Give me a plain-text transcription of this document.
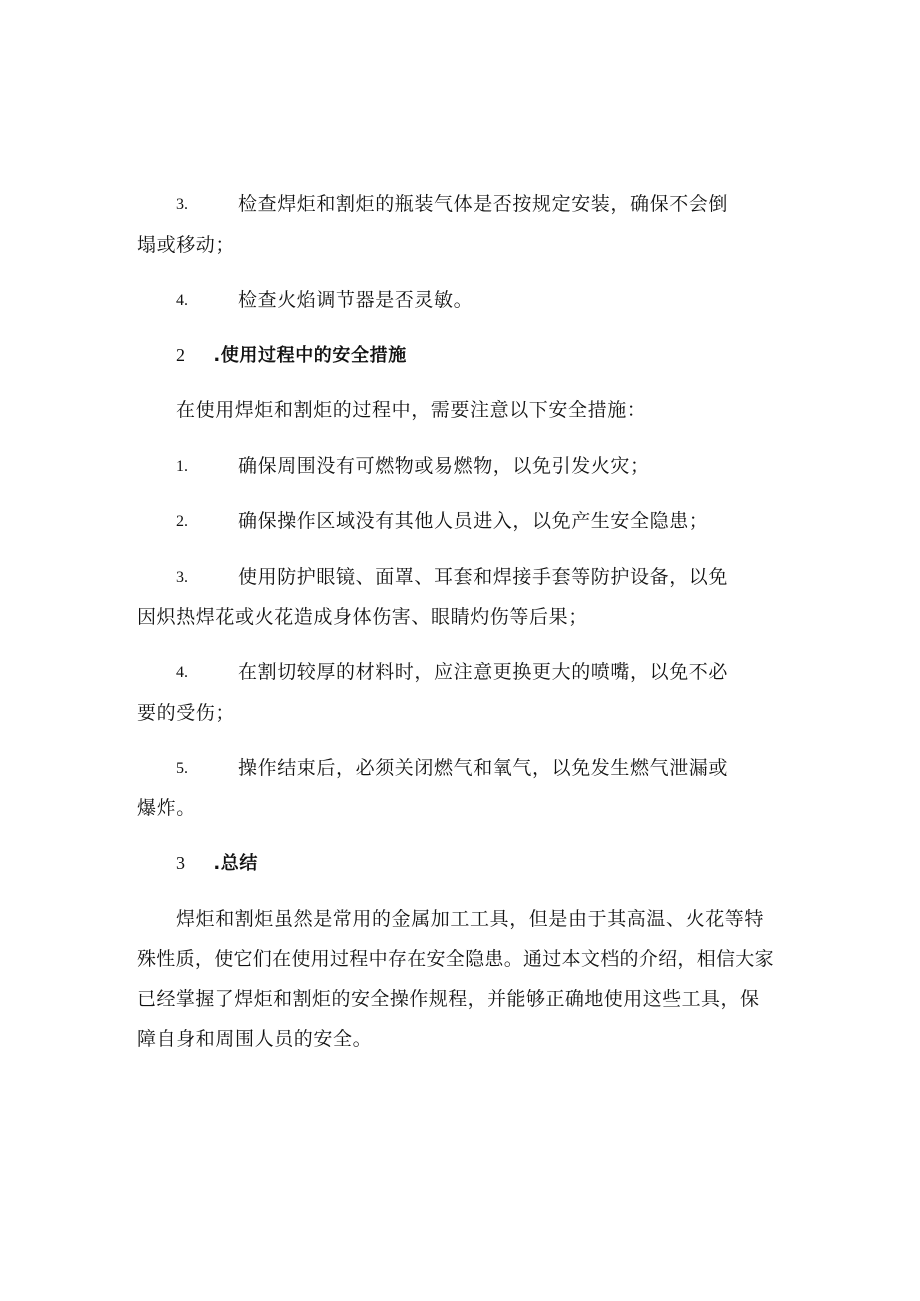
3.	检查焊炬和割炬的瓶装气体是否按规定安装，确保不会倒
塌或移动；
4.	检查火焰调节器是否灵敏。
2 .使用过程中的安全措施
在使用焊炬和割炬的过程中，需要注意以下安全措施：
1.	确保周围没有可燃物或易燃物，以免引发火灾；
2.	确保操作区域没有其他人员进入，以免产生安全隐患；
3.	使用防护眼镜、面罩、耳套和焊接手套等防护设备，以免
因炽热焊花或火花造成身体伤害、眼睛灼伤等后果；
4.	在割切较厚的材料时，应注意更换更大的喷嘴，以免不必
要的受伤；
5.	操作结束后，必须关闭燃气和氧气，以免发生燃气泄漏或
爆炸。
3 .总结
焊炬和割炬虽然是常用的金属加工工具，但是由于其高温、火花等特
殊性质，使它们在使用过程中存在安全隐患。通过本文档的介绍，相信大家
已经掌握了焊炬和割炬的安全操作规程，并能够正确地使用这些工具，保
障自身和周围人员的安全。
